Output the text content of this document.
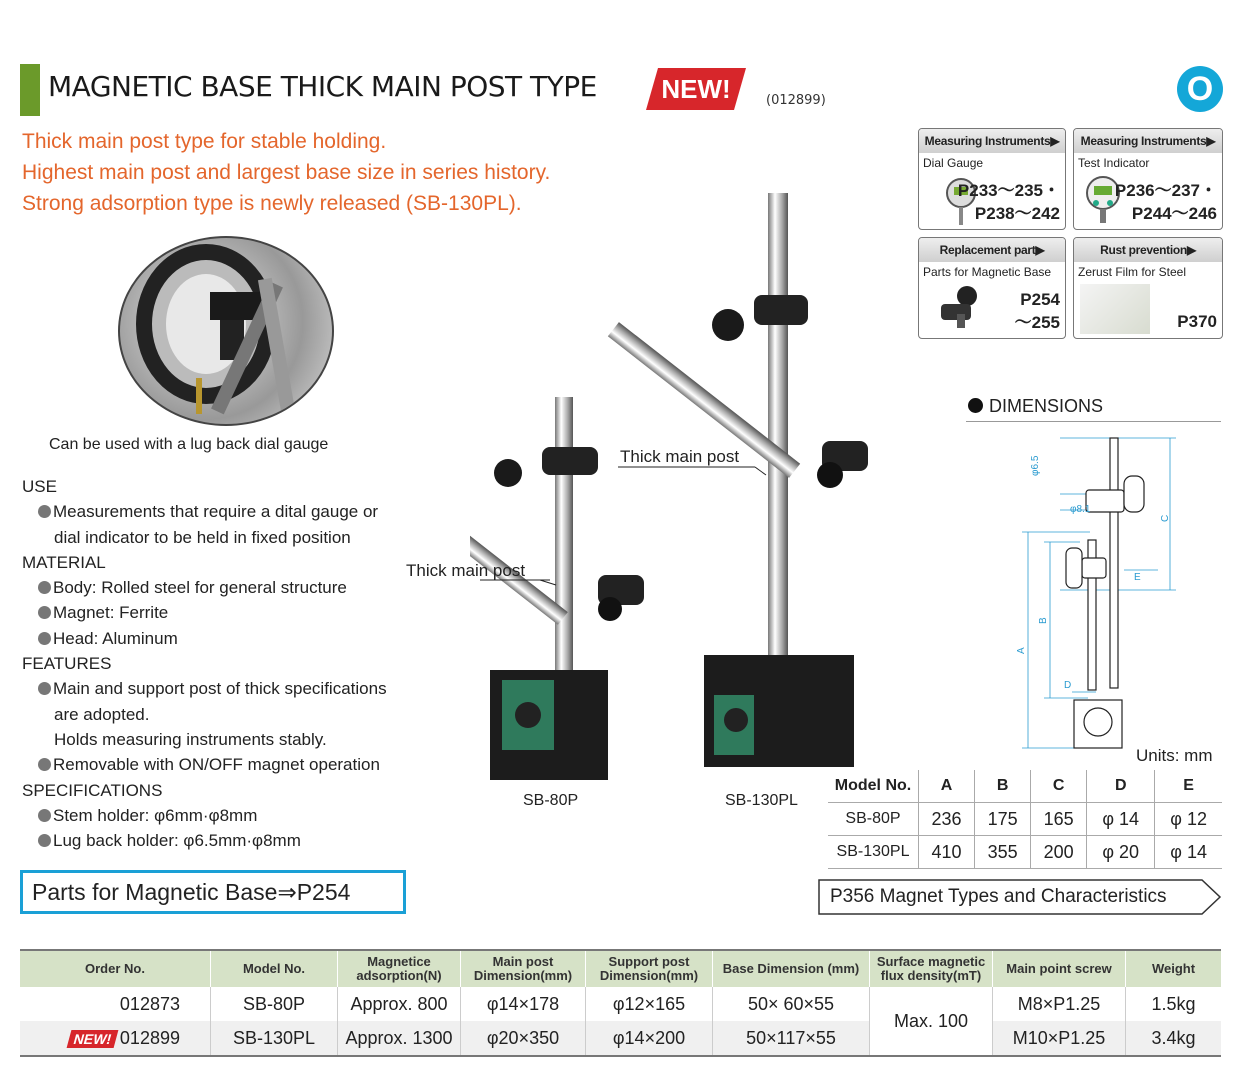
MAGNETIC BASE THICK MAIN POST TYPE	NEW!	(012899)	O
Thick main post type for stable holding.
Highest main post and largest base size in series history.
Strong adsorption type is newly released (SB-130PL).
Measuring Instruments▶
Dial Gauge
P233～235・
P238～242
Measuring Instruments▶
Test Indicator
P236～237・
P244～246
Replacement part▶
Parts for Magnetic Base
P254
～255
Rust prevention▶
Zerust Film for Steel
P370
Can be used with a lug back dial gauge
USE
Measurements that require a dital gauge or
dial indicator to be held in fixed position
MATERIAL
Body: Rolled steel for general structure
Magnet: Ferrite
Head: Aluminum
FEATURES
Main and support post of thick specifications
are adopted.
Holds measuring instruments stably.
Removable with ON/OFF magnet operation
SPECIFICATIONS
Stem holder: φ6mm·φ8mm
Lug back holder: φ6.5mm·φ8mm
Thick main post
Thick main post
SB-80P	SB-130PL
DIMENSIONS
φ6.5
φ8.1
A
B
C
D
E
Units: mm
Model No.	A	B	C	D	E
SB-80P	236	175	165	φ 14	φ 12
SB-130PL	410	355	200	φ 20	φ 14
Parts for Magnetic Base⇒P254	P356 Magnet Types and Characteristics
Order No.	Model No.	Magnetice adsorption(N)	Main post Dimension(mm)	Support post Dimension(mm)	Base Dimension (mm)	Surface magnetic flux density(mT)	Main point screw	Weight
012873	SB-80P	Approx. 800	φ14×178	φ12×165	50× 60×55	Max. 100	M8×P1.25	1.5kg
NEW! 012899	SB-130PL	Approx. 1300	φ20×350	φ14×200	50×117×55		M10×P1.25	3.4kg
